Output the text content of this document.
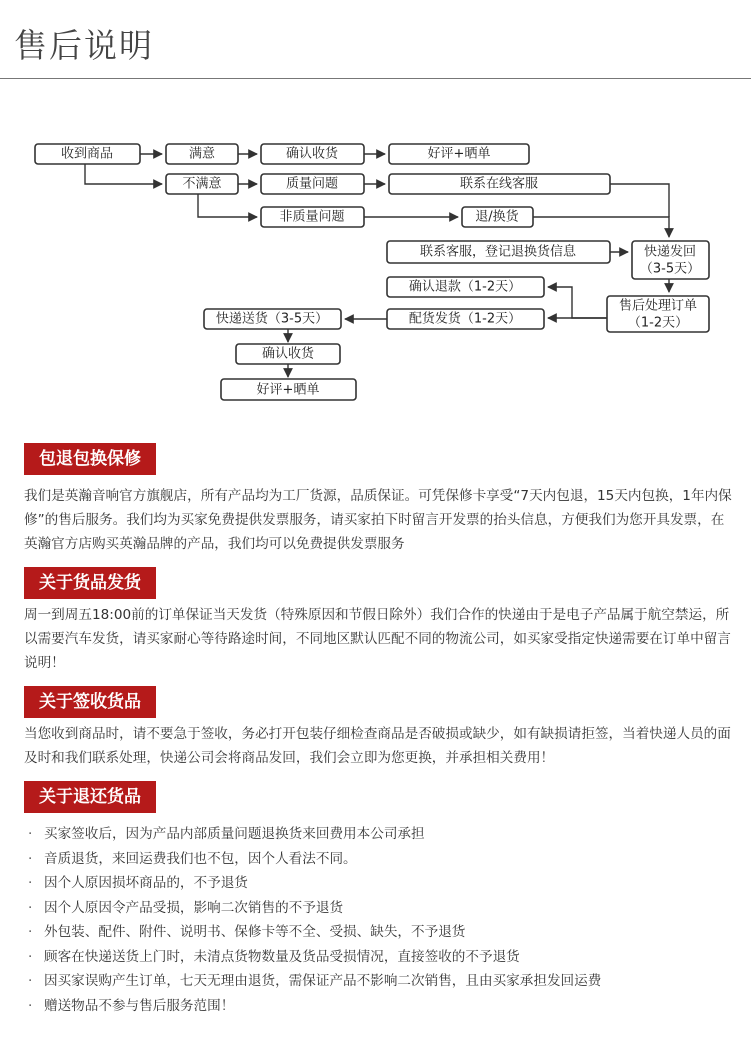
售后说明
收到商品	满意	确认收货	好评+晒单
不满意	质量问题	联系在线客服
非质量问题	退/换货
联系客服，登记退换货信息	快递发回
（3-5天）
确认退款（1-2天）
售后处理订单
（1-2天）
配货发货（1-2天）
快递送货（3-5天）
确认收货
好评+晒单
包退包换保修

我们是英瀚音响官方旗舰店，所有产品均为工厂货源，品质保证。可凭保修卡享受“7天内包退，15天内包换，1年内保修”的售后服务。我们均为买家免费提供发票服务，请买家拍下时留言开发票的抬头信息，方便我们为您开具发票，在英瀚官方店购买英瀚品牌的产品，我们均可以免费提供发票服务

关于货品发货

周一到周五18:00前的订单保证当天发货（特殊原因和节假日除外）我们合作的快递由于是电子产品属于航空禁运，所以需要汽车发货，请买家耐心等待路途时间，不同地区默认匹配不同的物流公司，如买家受指定快递需要在订单中留言说明！

关于签收货品

当您收到商品时，请不要急于签收，务必打开包装仔细检查商品是否破损或缺少，如有缺损请拒签，当着快递人员的面及时和我们联系处理，快递公司会将商品发回，我们会立即为您更换，并承担相关费用！

关于退还货品
· 买家签收后，因为产品内部质量问题退换货来回费用本公司承担
· 音质退货，来回运费我们也不包，因个人看法不同。
· 因个人原因损坏商品的，不予退货
· 因个人原因令产品受损，影响二次销售的不予退货
· 外包装、配件、附件、说明书、保修卡等不全、受损、缺失，不予退货
· 顾客在快递送货上门时，未清点货物数量及货品受损情况，直接签收的不予退货
· 因买家误购产生订单，七天无理由退货，需保证产品不影响二次销售，且由买家承担发回运费
· 赠送物品不参与售后服务范围！
